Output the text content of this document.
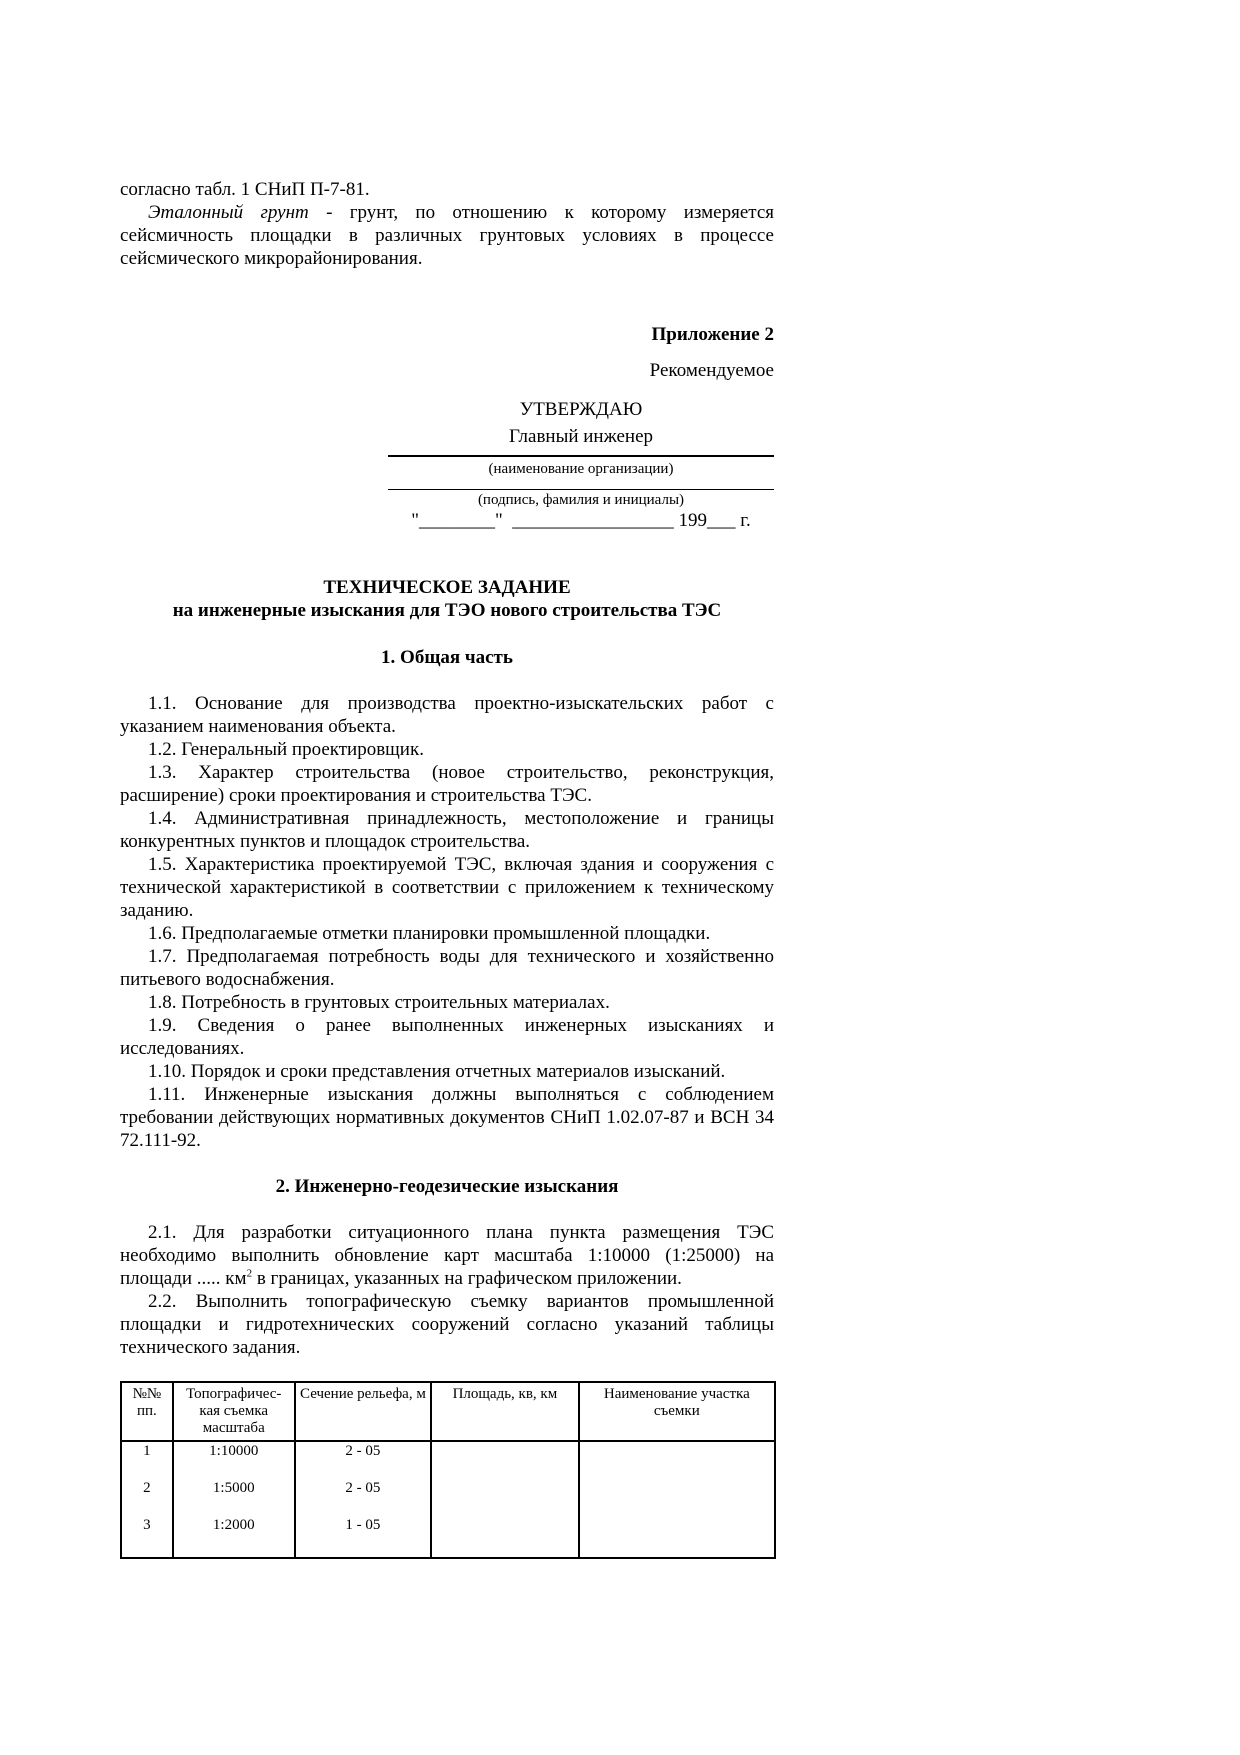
согласно табл. 1 СНиП П-7-81.

Эталонный грунт - грунт, по отношению к которому измеряется сейсмичность площадки в различных грунтовых условиях в процессе сейсмического микрорайонирования.

Приложение 2

Рекомендуемое

УТВЕРЖДАЮ

Главный инженер

(наименование организации)

(подпись, фамилия и инициалы)

"________"  _________________ 199___ г.

ТЕХНИЧЕСКОЕ ЗАДАНИЕ

на инженерные изыскания для ТЭО нового строительства ТЭС

1. Общая часть

1.1. Основание для производства проектно-изыскательских работ с указанием наименования объекта.

1.2. Генеральный проектировщик.

1.3. Характер строительства (новое строительство, реконструкция, расширение) сроки проектирования и строительства ТЭС.

1.4. Административная принадлежность, местоположение и границы конкурентных пунктов и площадок строительства.

1.5. Характеристика проектируемой ТЭС, включая здания и сооружения с технической характеристикой в соответствии с приложением к техническому заданию.

1.6. Предполагаемые отметки планировки промышленной площадки.

1.7. Предполагаемая потребность воды для технического и хозяйственно питьевого водоснабжения.

1.8. Потребность в грунтовых строительных материалах.

1.9. Сведения о ранее выполненных инженерных изысканиях и исследованиях.

1.10. Порядок и сроки представления отчетных материалов изысканий.

1.11. Инженерные изыскания должны выполняться с соблюдением требовании действующих нормативных документов СНиП 1.02.07-87 и ВСН 34 72.111-92.

2. Инженерно-геодезические изыскания

2.1. Для разработки ситуационного плана пункта размещения ТЭС необходимо выполнить обновление карт масштаба 1:10000 (1:25000) на площади ..... $км^2$ в границах, указанных на графическом приложении.

2.2. Выполнить топографическую съемку вариантов промышленной площадки и гидротехнических сооружений согласно указаний таблицы технического задания.

№№ пп.	Топографичес-кая съемка масштаба	Сечение рельефа, м	Площадь, кв, км	Наименование участка съемки
1	1:10000	2 - 05		
2	1:5000	2 - 05		
3	1:2000	1 - 05		
